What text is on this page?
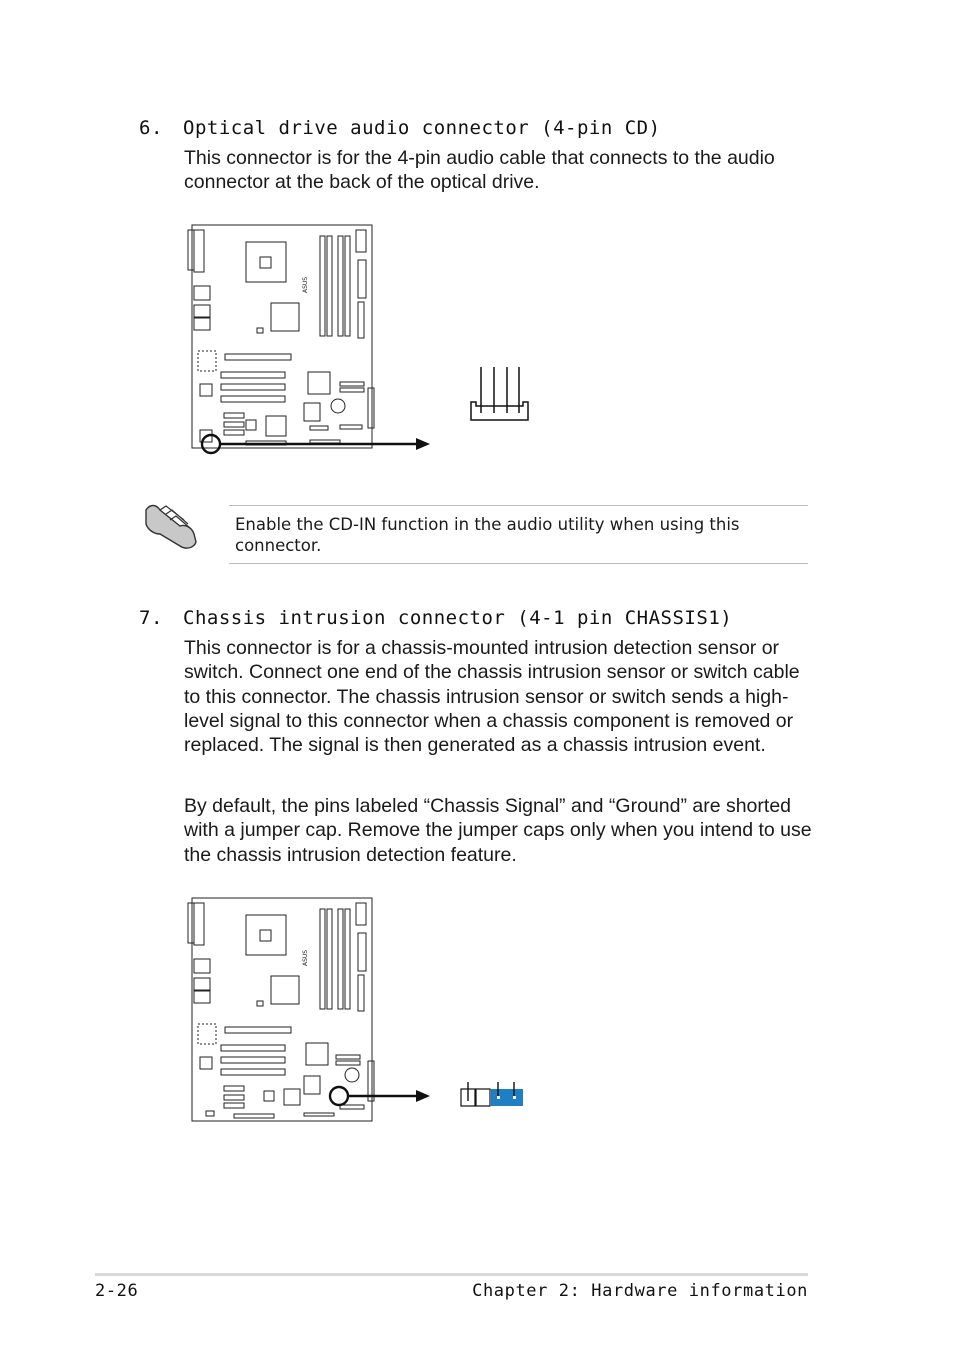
6. Optical drive audio connector (4-pin CD)
This connector is for the 4-pin audio cable that connects to the audio connector at the back of the optical drive.
ASUS
Enable the CD-IN function in the audio utility when using this connector.
7. Chassis intrusion connector (4-1 pin CHASSIS1)
This connector is for a chassis-mounted intrusion detection sensor or switch. Connect one end of the chassis intrusion sensor or switch cable to this connector. The chassis intrusion sensor or switch sends a high-level signal to this connector when a chassis component is removed or replaced. The signal is then generated as a chassis intrusion event.
By default, the pins labeled “Chassis Signal” and “Ground” are shorted with a jumper cap. Remove the jumper caps only when you intend to use the chassis intrusion detection feature.
ASUS
2-26	Chapter 2: Hardware information
